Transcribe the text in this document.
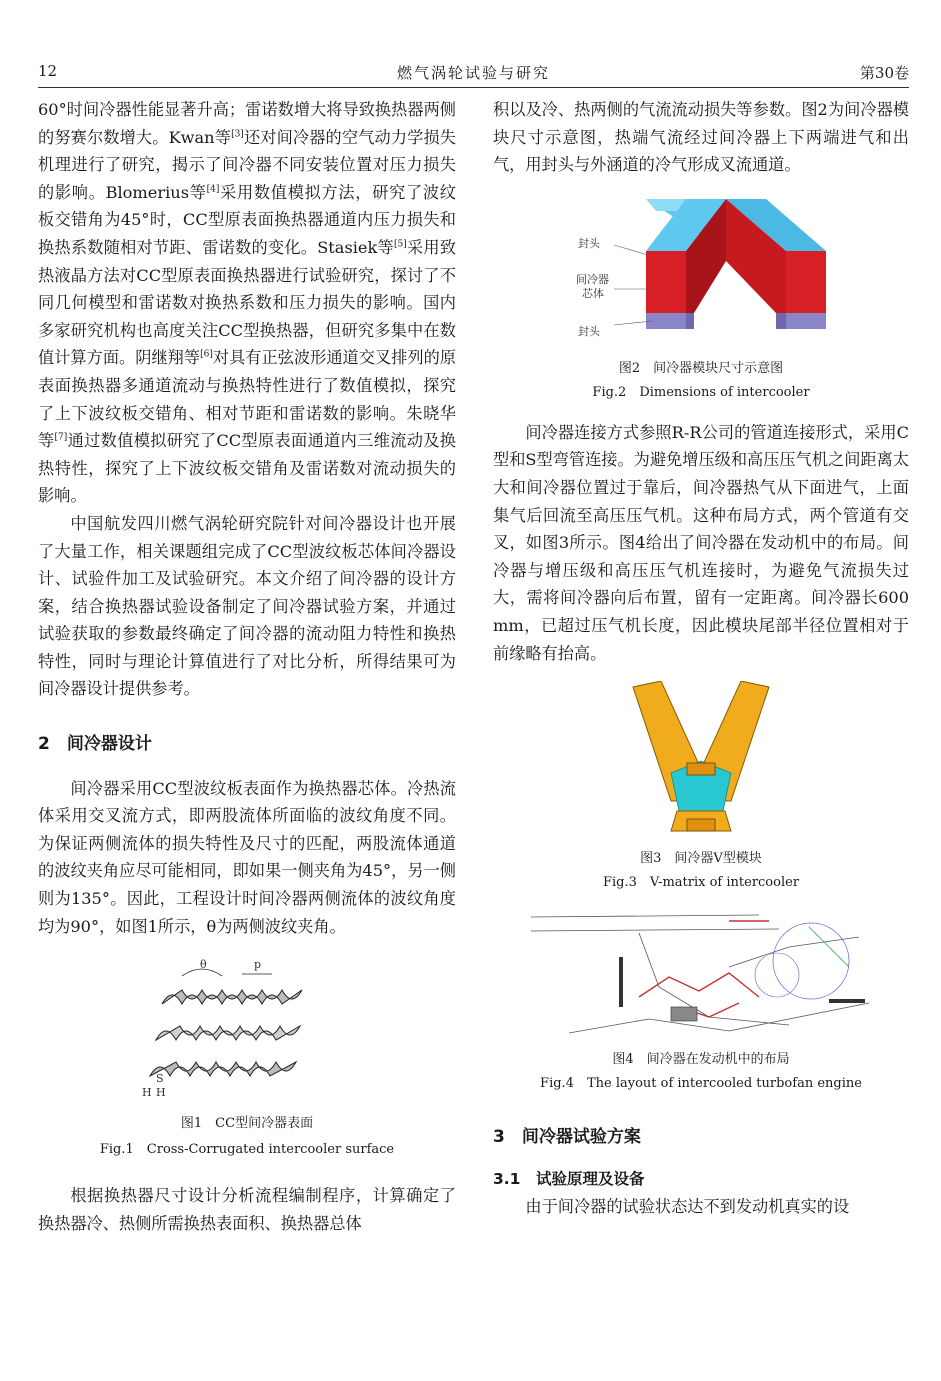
12	燃气涡轮试验与研究	第30卷

60°时间冷器性能显著升高；雷诺数增大将导致换热器两侧的努赛尔数增大。Kwan等[3]还对间冷器的空气动力学损失机理进行了研究，揭示了间冷器不同安装位置对压力损失的影响。Blomerius等[4]采用数值模拟方法，研究了波纹板交错角为45°时，CC型原表面换热器通道内压力损失和换热系数随相对节距、雷诺数的变化。Stasiek等[5]采用致热液晶方法对CC型原表面换热器进行试验研究，探讨了不同几何模型和雷诺数对换热系数和压力损失的影响。国内多家研究机构也高度关注CC型换热器，但研究多集中在数值计算方面。阴继翔等[6]对具有正弦波形通道交叉排列的原表面换热器多通道流动与换热特性进行了数值模拟，探究了上下波纹板交错角、相对节距和雷诺数的影响。朱晓华等[7]通过数值模拟研究了CC型原表面通道内三维流动及换热特性，探究了上下波纹板交错角及雷诺数对流动损失的影响。

中国航发四川燃气涡轮研究院针对间冷器设计也开展了大量工作，相关课题组完成了CC型波纹板芯体间冷器设计、试验件加工及试验研究。本文介绍了间冷器的设计方案，结合换热器试验设备制定了间冷器试验方案，并通过试验获取的参数最终确定了间冷器的流动阻力特性和换热特性，同时与理论计算值进行了对比分析，所得结果可为间冷器设计提供参考。

2　间冷器设计

间冷器采用CC型波纹板表面作为换热器芯体。冷热流体采用交叉流方式，即两股流体所面临的波纹角度不同。为保证两侧流体的损失特性及尺寸的匹配，两股流体通道的波纹夹角应尽可能相同，即如果一侧夹角为45°，另一侧则为135°。因此，工程设计时间冷器两侧流体的波纹角度均为90°，如图1所示，θ为两侧波纹夹角。

θ	p
H H
S
图1　CC型间冷器表面
Fig.1　Cross-Corrugated intercooler surface

根据换热器尺寸设计分析流程编制程序，计算确定了换热器冷、热侧所需换热表面积、换热器总体

积以及冷、热两侧的气流流动损失等参数。图2为间冷器模块尺寸示意图，热端气流经过间冷器上下两端进气和出气，用封头与外涵道的冷气形成叉流通道。

封头
间冷器 芯体
封头
图2　间冷器模块尺寸示意图
Fig.2　Dimensions of intercooler

间冷器连接方式参照R-R公司的管道连接形式，采用C型和S型弯管连接。为避免增压级和高压压气机之间距离太大和间冷器位置过于靠后，间冷器热气从下面进气，上面集气后回流至高压压气机。这种布局方式，两个管道有交叉，如图3所示。图4给出了间冷器在发动机中的布局。间冷器与增压级和高压压气机连接时，为避免气流损失过大，需将间冷器向后布置，留有一定距离。间冷器长600 mm，已超过压气机长度，因此模块尾部半径位置相对于前缘略有抬高。

图3　间冷器V型模块
Fig.3　V-matrix of intercooler
图4　间冷器在发动机中的布局
Fig.4　The layout of intercooled turbofan engine
3　间冷器试验方案
3.1　试验原理及设备

由于间冷器的试验状态达不到发动机真实的设
